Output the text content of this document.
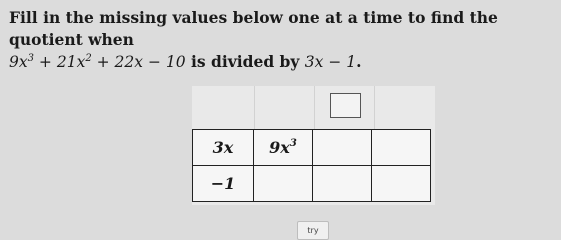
Fill in the missing values below one at a time to find the quotient when
$9x^3 + 21x^2 + 22x - 10$ is divided by 3x − 1.
3x	$9x^3$		
−1			
try
